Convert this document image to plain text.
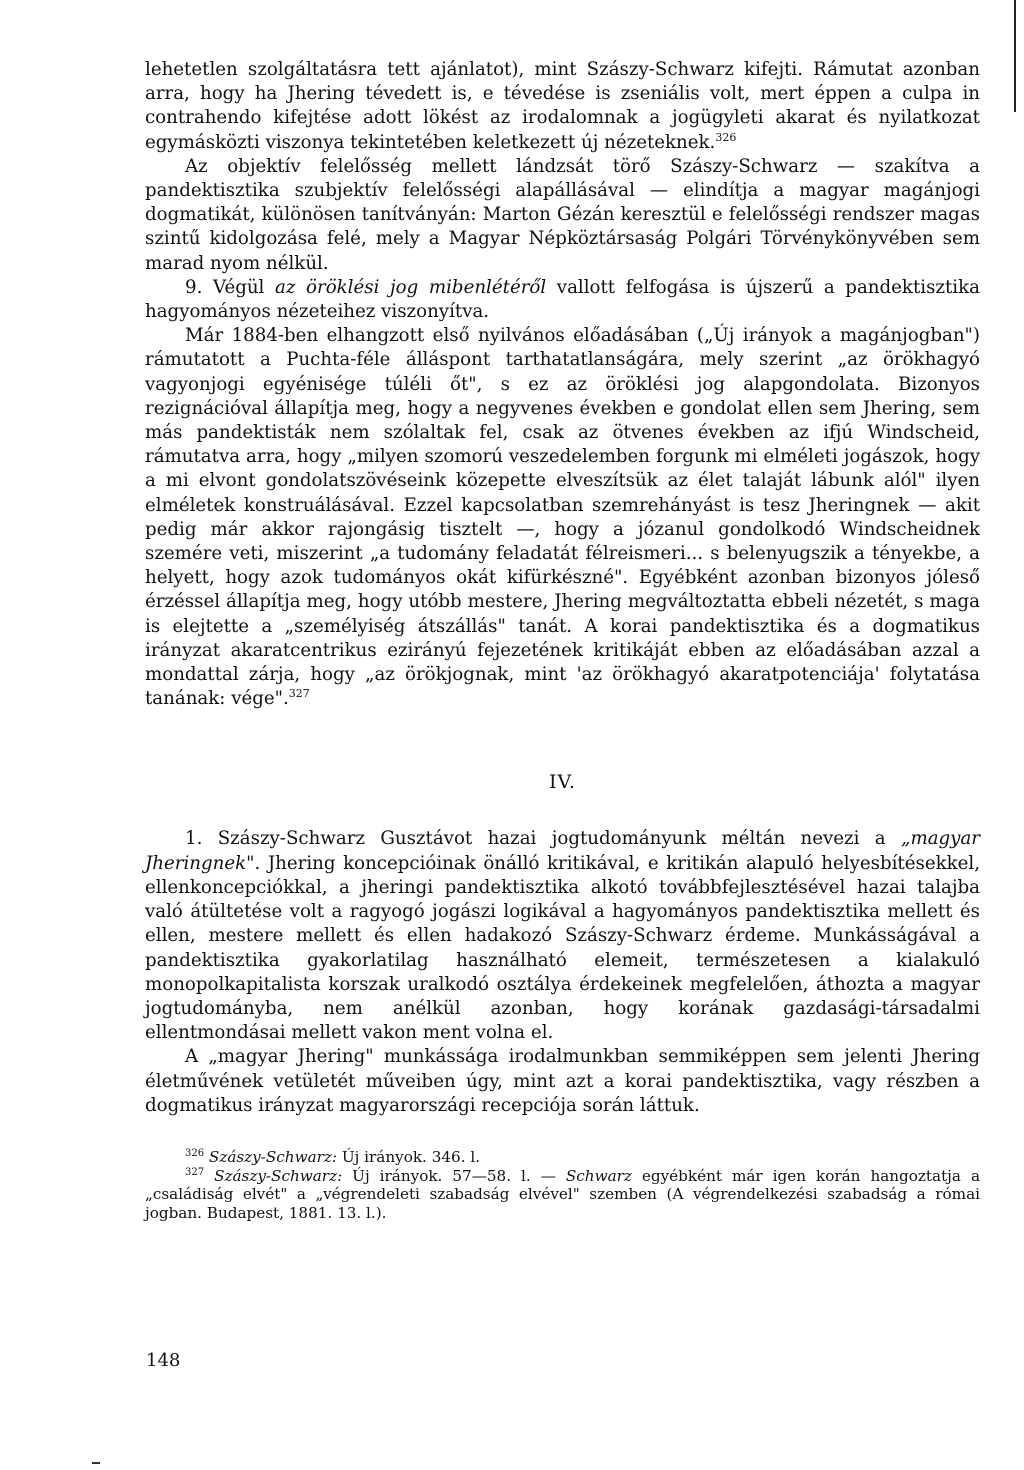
lehetetlen szolgáltatásra tett ajánlatot), mint Szászy-Schwarz kifejti. Rámutat azonban arra, hogy ha Jhering tévedett is, e tévedése is zseniális volt, mert éppen a culpa in contrahendo kifejtése adott lökést az irodalomnak a jogügyleti akarat és nyilatkozat egymásközti viszonya tekintetében keletkezett új nézeteknek.$^{326}$

Az objektív felelősség mellett lándzsát törő Szászy-Schwarz — szakítva a pandektisztika szubjektív felelősségi alapállásával — elindítja a magyar magánjogi dogmatikát, különösen tanítványán: Marton Gézán keresztül e felelősségi rendszer magas szintű kidolgozása felé, mely a Magyar Népköztársaság Polgári Törvénykönyvében sem marad nyom nélkül.

9. Végül az öröklési jog mibenlétéről vallott felfogása is újszerű a pandektisztika hagyományos nézeteihez viszonyítva.

Már 1884-ben elhangzott első nyilvános előadásában („Új irányok a magánjogban") rámutatott a Puchta-féle álláspont tarthatatlanságára, mely szerint „az örökhagyó vagyonjogi egyénisége túléli őt", s ez az öröklési jog alapgondolata. Bizonyos rezignációval állapítja meg, hogy a negyvenes években e gondolat ellen sem Jhering, sem más pandektisták nem szólaltak fel, csak az ötvenes években az ifjú Windscheid, rámutatva arra, hogy „milyen szomorú veszedelemben forgunk mi elméleti jogászok, hogy a mi elvont gondolatszövéseink közepette elveszítsük az élet talaját lábunk alól" ilyen elméletek konstruálásával. Ezzel kapcsolatban szemrehányást is tesz Jheringnek — akit pedig már akkor rajongásig tisztelt —, hogy a józanul gondolkodó Windscheidnek szemére veti, miszerint „a tudomány feladatát félreismeri... s belenyugszik a tényekbe, a helyett, hogy azok tudományos okát kifürkészné". Egyébként azonban bizonyos jóleső érzéssel állapítja meg, hogy utóbb mestere, Jhering megváltoztatta ebbeli nézetét, s maga is elejtette a „személyiség átszállás" tanát. A korai pandektisztika és a dogmatikus irányzat akaratcentrikus ezirányú fejezetének kritikáját ebben az előadásában azzal a mondattal zárja, hogy „az örökjognak, mint 'az örökhagyó akaratpotenciája' folytatása tanának: vége".$^{327}$

IV.

1. Szászy-Schwarz Gusztávot hazai jogtudományunk méltán nevezi a „magyar Jheringnek". Jhering koncepcióinak önálló kritikával, e kritikán alapuló helyesbítésekkel, ellenkoncepciókkal, a jheringi pandektisztika alkotó továbbfejlesztésével hazai talajba való átültetése volt a ragyogó jogászi logikával a hagyományos pandektisztika mellett és ellen, mestere mellett és ellen hadakozó Szászy-Schwarz érdeme. Munkásságával a pandektisztika gyakorlatilag használható elemeit, természetesen a kialakuló monopolkapitalista korszak uralkodó osztálya érdekeinek megfelelően, áthozta a magyar jogtudományba, nem anélkül azonban, hogy korának gazdasági-társadalmi ellentmondásai mellett vakon ment volna el.

A „magyar Jhering" munkássága irodalmunkban semmiképpen sem jelenti Jhering életművének vetületét műveiben úgy, mint azt a korai pandektisztika, vagy részben a dogmatikus irányzat magyarországi recepciója során láttuk.

$^{326}$ Szászy-Schwarz: Új irányok. 346. l.

$^{327}$ Szászy-Schwarz: Új irányok. 57—58. l. — Schwarz egyébként már igen korán hangoztatja a „családiság elvét" a „végrendeleti szabadság elvével" szemben (A végrendelkezési szabadság a római jogban. Budapest, 1881. 13. l.).

148
